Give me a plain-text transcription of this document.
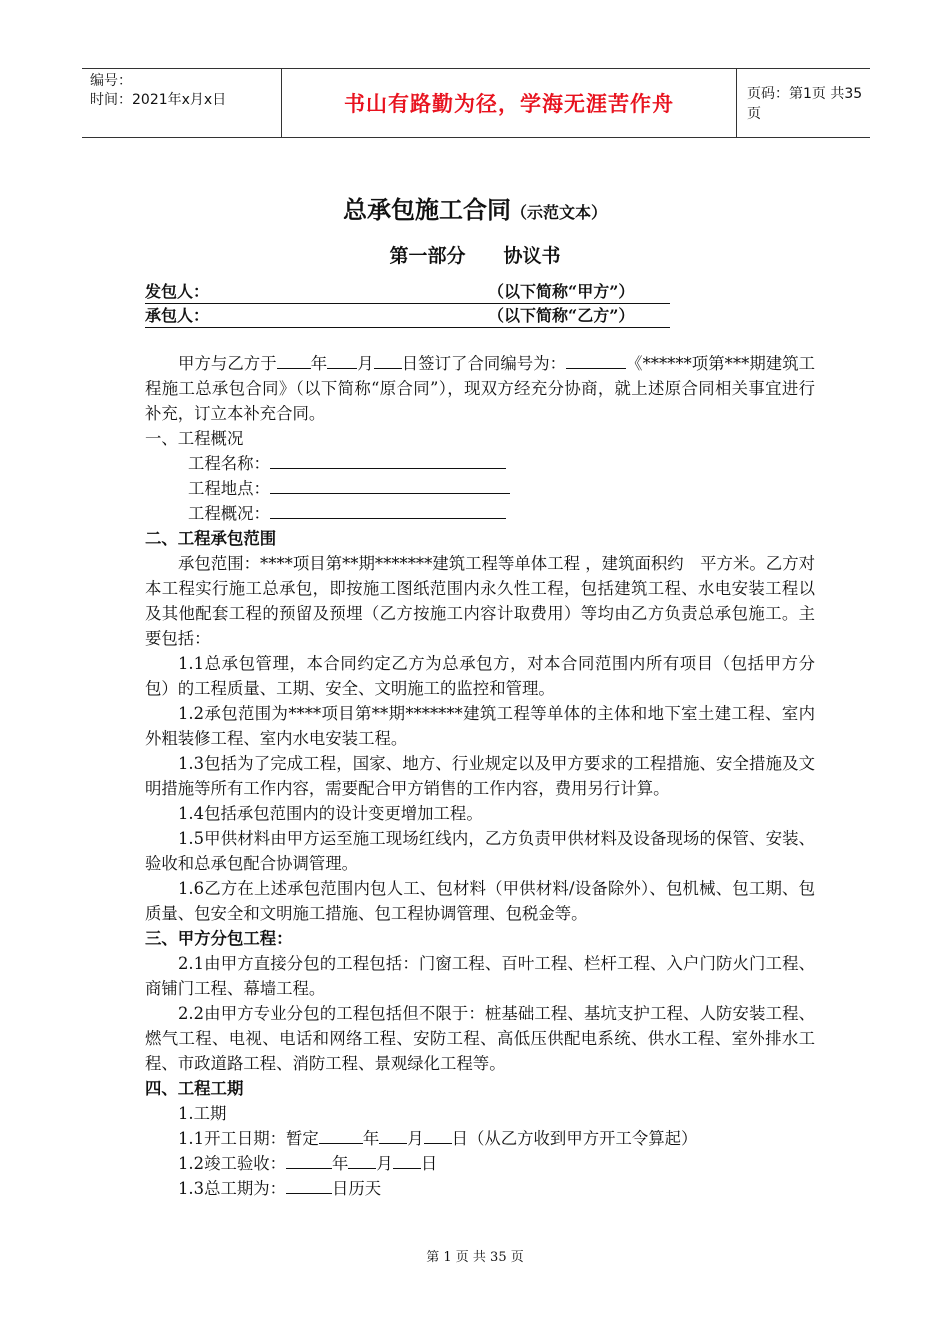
编号：
时间：2021年x月x日	书山有路勤为径，学海无涯苦作舟	页码：第1页 共35页
总承包施工合同（示范文本）
第一部分　　协议书
发包人：	（以下简称“甲方”）
承包人：	（以下简称“乙方”）

甲方与乙方于 年 月 日签订了合同编号为：	《******项第***期建筑工程施工总承包合同》（以下简称“原合同”），现双方经充分协商，就上述原合同相关事宜进行补充，订立本补充合同。

一、工程概况

工程名称：

工程地点：

工程概况：

二、工程承包范围

承包范围：****项目第**期*******建筑工程等单体工程 ，建筑面积约　平方米。乙方对本工程实行施工总承包，即按施工图纸范围内永久性工程，包括建筑工程、水电安装工程以及其他配套工程的预留及预埋（乙方按施工内容计取费用）等均由乙方负责总承包施工。主要包括：

1.1总承包管理，本合同约定乙方为总承包方，对本合同范围内所有项目（包括甲方分包）的工程质量、工期、安全、文明施工的监控和管理。

1.2承包范围为****项目第**期*******建筑工程等单体的主体和地下室土建工程、室内外粗装修工程、室内水电安装工程。

1.3包括为了完成工程，国家、地方、行业规定以及甲方要求的工程措施、安全措施及文明措施等所有工作内容，需要配合甲方销售的工作内容，费用另行计算。

1.4包括承包范围内的设计变更增加工程。

1.5甲供材料由甲方运至施工现场红线内，乙方负责甲供材料及设备现场的保管、安装、验收和总承包配合协调管理。

1.6乙方在上述承包范围内包人工、包材料（甲供材料/设备除外）、包机械、包工期、包质量、包安全和文明施工措施、包工程协调管理、包税金等。

三、甲方分包工程：

2.1由甲方直接分包的工程包括：门窗工程、百叶工程、栏杆工程、入户门防火门工程、商铺门工程、幕墙工程。

2.2由甲方专业分包的工程包括但不限于：桩基础工程、基坑支护工程、人防安装工程、燃气工程、电视、电话和网络工程、安防工程、高低压供配电系统、供水工程、室外排水工程、市政道路工程、消防工程、景观绿化工程等。

四、工程工期

1.工期

1.1开工日期：暂定	年 月 日（从乙方收到甲方开工令算起）

1.2竣工验收：	年 月 日

1.3总工期为：	日历天

第 1 页 共 35 页
